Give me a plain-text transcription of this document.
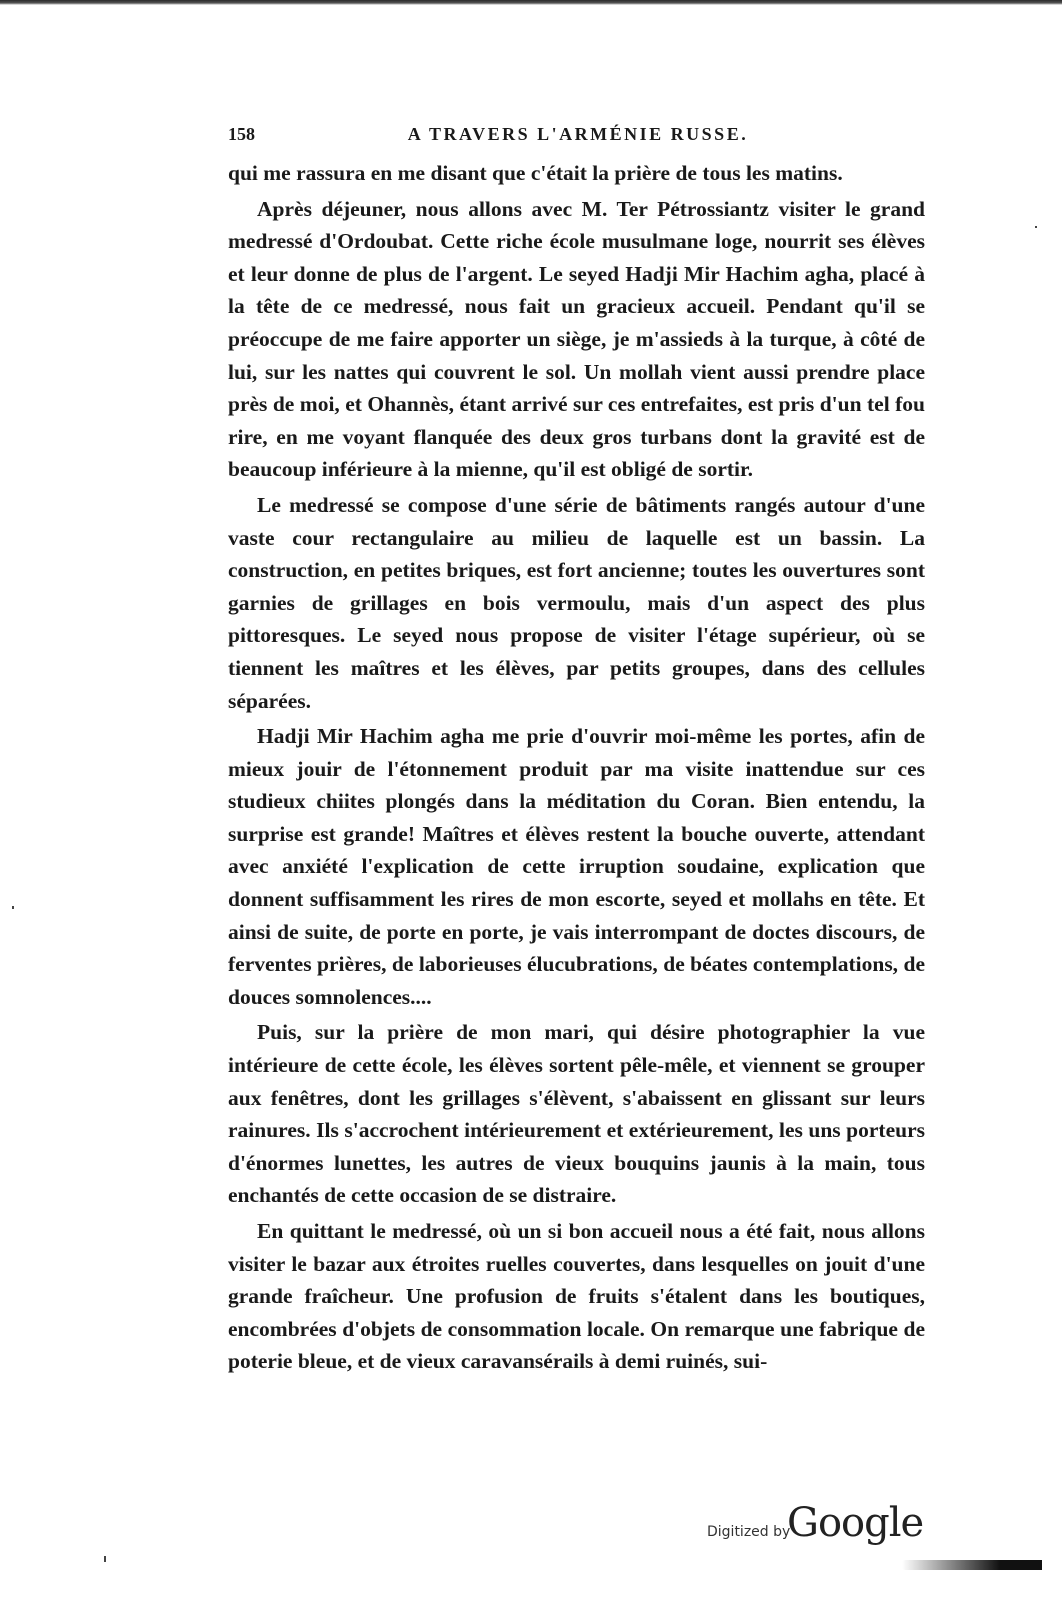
158	A TRAVERS L'ARMÉNIE RUSSE.

qui me rassura en me disant que c'était la prière de tous les matins.

Après déjeuner, nous allons avec M. Ter Pétrossiantz visiter le grand medressé d'Ordoubat. Cette riche école musulmane loge, nourrit ses élèves et leur donne de plus de l'argent. Le seyed Hadji Mir Hachim agha, placé à la tête de ce medressé, nous fait un gracieux accueil. Pendant qu'il se préoccupe de me faire apporter un siège, je m'assieds à la turque, à côté de lui, sur les nattes qui couvrent le sol. Un mollah vient aussi prendre place près de moi, et Ohannès, étant arrivé sur ces entrefaites, est pris d'un tel fou rire, en me voyant flanquée des deux gros turbans dont la gravité est de beaucoup inférieure à la mienne, qu'il est obligé de sortir.

Le medressé se compose d'une série de bâtiments rangés autour d'une vaste cour rectangulaire au milieu de laquelle est un bassin. La construction, en petites briques, est fort ancienne; toutes les ouvertures sont garnies de grillages en bois vermoulu, mais d'un aspect des plus pittoresques. Le seyed nous propose de visiter l'étage supérieur, où se tiennent les maîtres et les élèves, par petits groupes, dans des cellules séparées.

Hadji Mir Hachim agha me prie d'ouvrir moi-même les portes, afin de mieux jouir de l'étonnement produit par ma visite inattendue sur ces studieux chiites plongés dans la méditation du Coran. Bien entendu, la surprise est grande! Maîtres et élèves restent la bouche ouverte, attendant avec anxiété l'explication de cette irruption soudaine, explication que donnent suffisamment les rires de mon escorte, seyed et mollahs en tête. Et ainsi de suite, de porte en porte, je vais interrompant de doctes discours, de ferventes prières, de laborieuses élucubrations, de béates contemplations, de douces somnolences....

Puis, sur la prière de mon mari, qui désire photographier la vue intérieure de cette école, les élèves sortent pêle-mêle, et viennent se grouper aux fenêtres, dont les grillages s'élèvent, s'abaissent en glissant sur leurs rainures. Ils s'accrochent intérieurement et extérieurement, les uns porteurs d'énormes lunettes, les autres de vieux bouquins jaunis à la main, tous enchantés de cette occasion de se distraire.

En quittant le medressé, où un si bon accueil nous a été fait, nous allons visiter le bazar aux étroites ruelles couvertes, dans lesquelles on jouit d'une grande fraîcheur. Une profusion de fruits s'étalent dans les boutiques, encombrées d'objets de consommation locale. On remarque une fabrique de poterie bleue, et de vieux caravansérails à demi ruinés, sui-

Digitized by
Google
